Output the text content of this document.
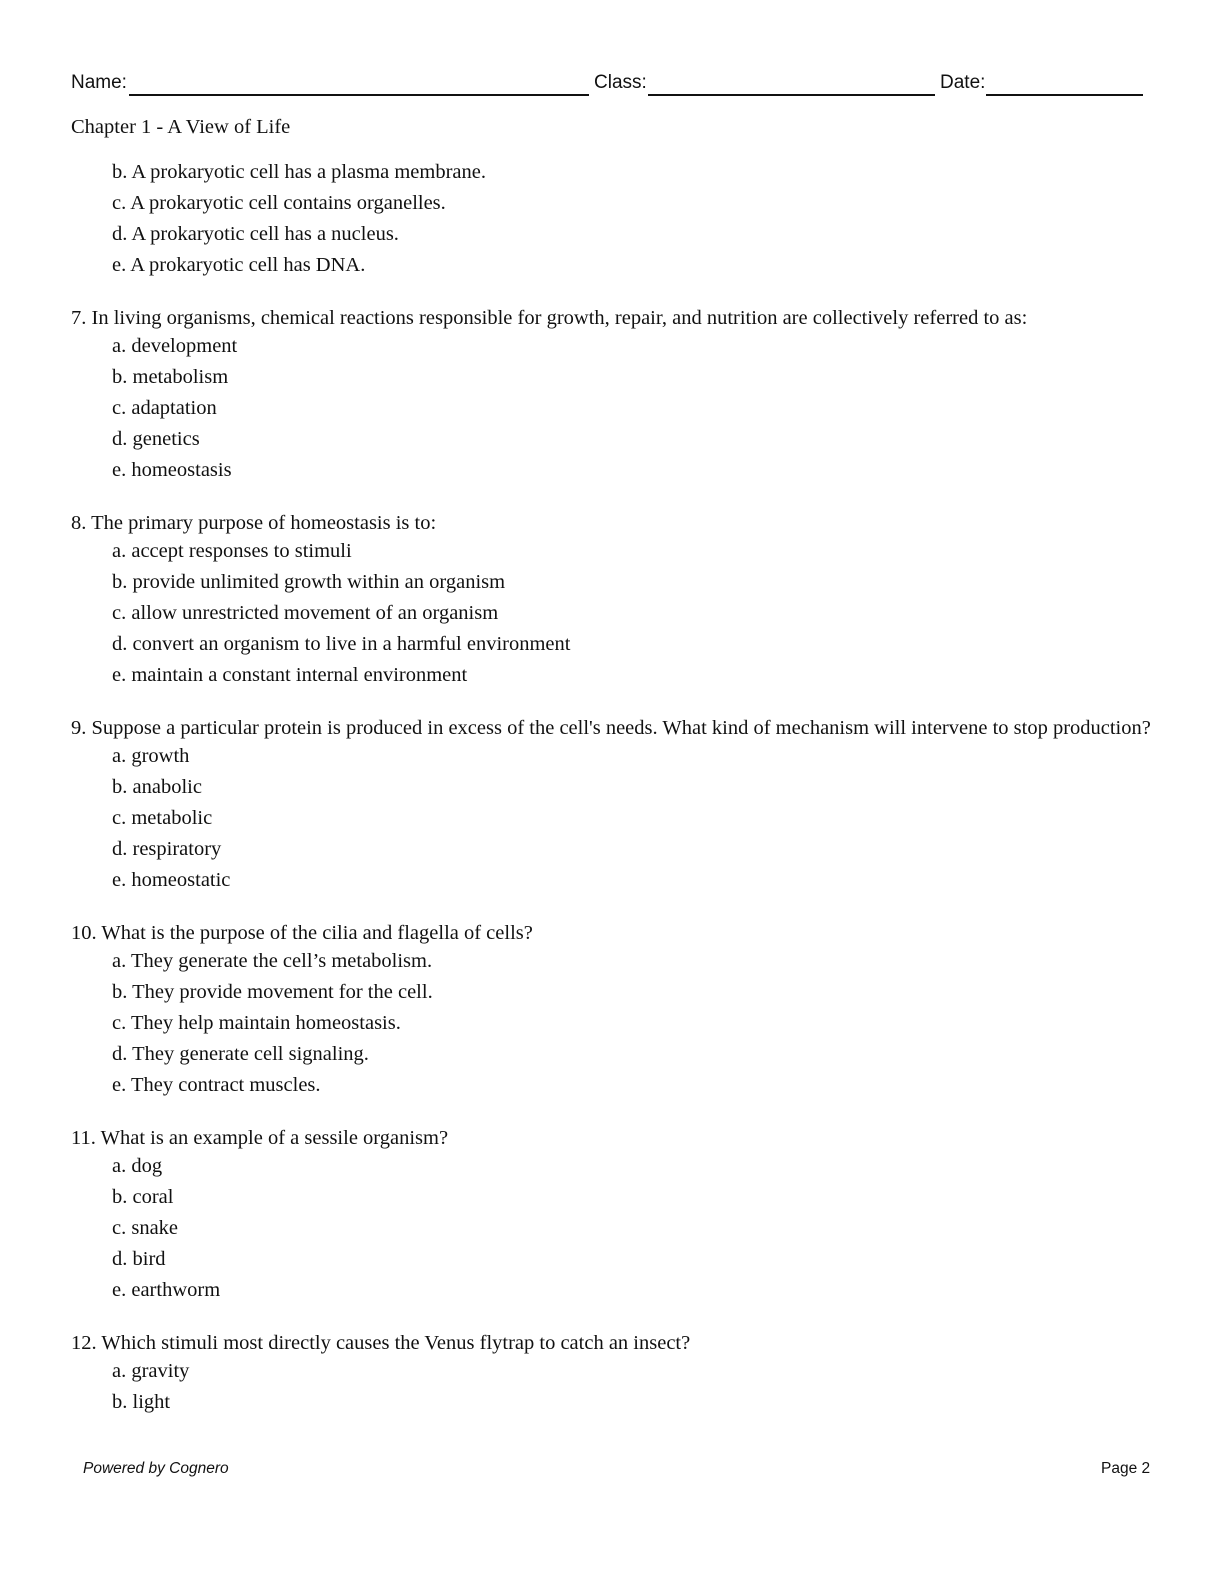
Name:	Class:	Date:
Chapter 1 - A View of Life
b. A prokaryotic cell has a plasma membrane.
c. A prokaryotic cell contains organelles.
d. A prokaryotic cell has a nucleus.
e. A prokaryotic cell has DNA.
7. In living organisms, chemical reactions responsible for growth, repair, and nutrition are collectively referred to as:
a. development
b. metabolism
c. adaptation
d. genetics
e. homeostasis
8. The primary purpose of homeostasis is to:
a. accept responses to stimuli
b. provide unlimited growth within an organism
c. allow unrestricted movement of an organism
d. convert an organism to live in a harmful environment
e. maintain a constant internal environment
9. Suppose a particular protein is produced in excess of the cell's needs. What kind of mechanism will intervene to stop production?
a. growth
b. anabolic
c. metabolic
d. respiratory
e. homeostatic
10. What is the purpose of the cilia and flagella of cells?
a. They generate the cell’s metabolism.
b. They provide movement for the cell.
c. They help maintain homeostasis.
d. They generate cell signaling.
e. They contract muscles.
11. What is an example of a sessile organism?
a. dog
b. coral
c. snake
d. bird
e. earthworm
12. Which stimuli most directly causes the Venus flytrap to catch an insect?
a. gravity
b. light
Powered by Cognero	Page 2
